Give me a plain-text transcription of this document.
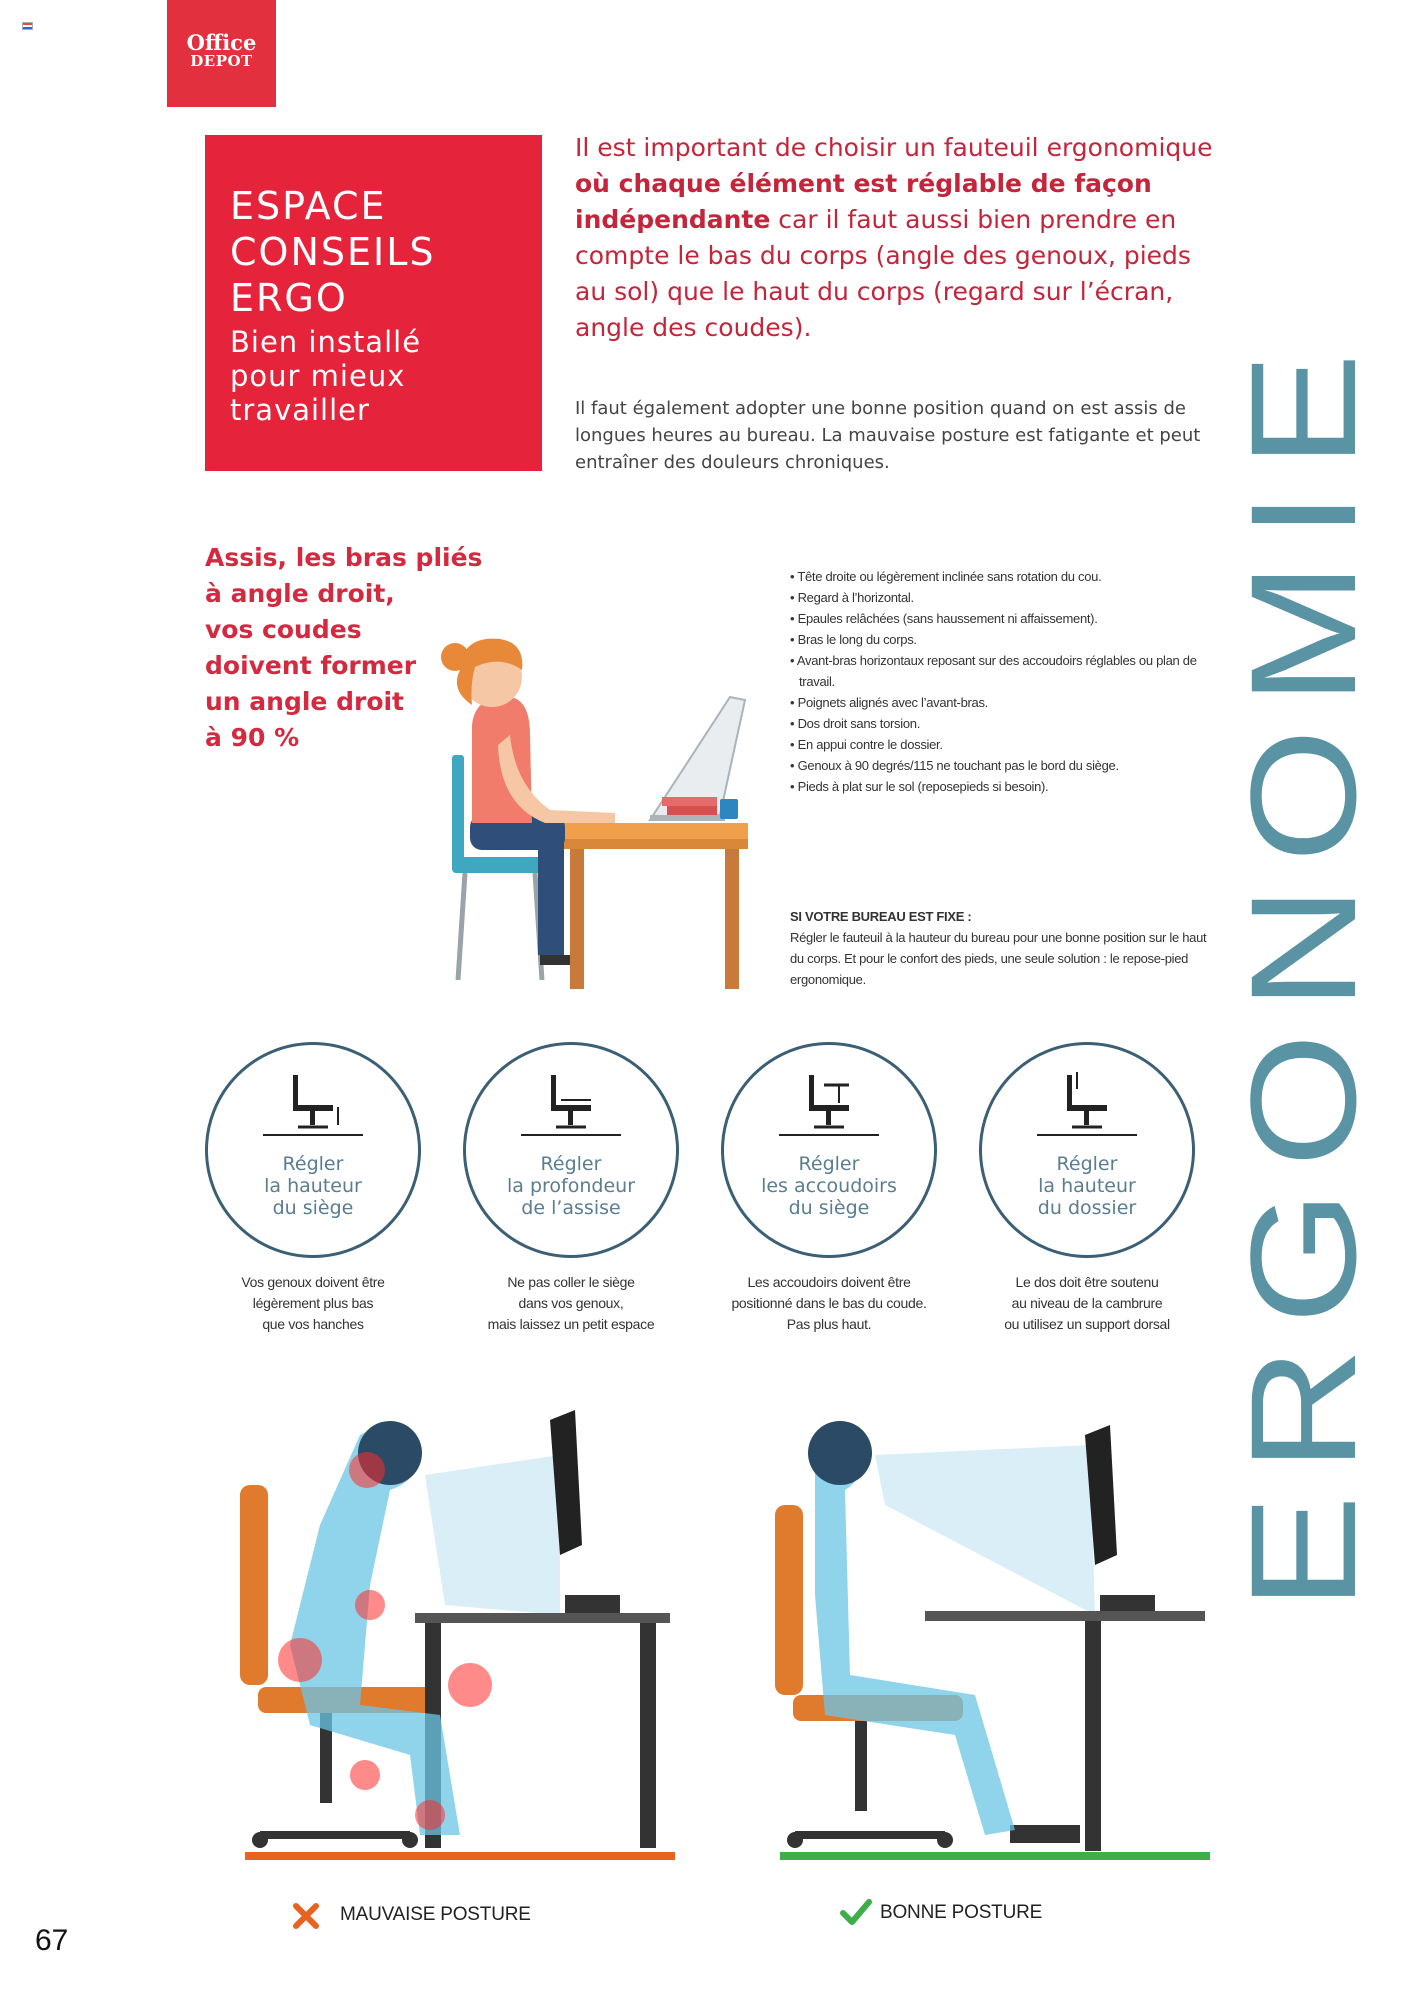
Office
DEPOT
ESPACE
CONSEILS
ERGO
Bien installé
pour mieux
travailler
Il est important de choisir un fauteuil ergonomique où chaque élément est réglable de façon indépendante car il faut aussi bien prendre en compte le bas du corps (angle des genoux, pieds au sol) que le haut du corps (regard sur l’écran, angle des coudes).
Il faut également adopter une bonne position quand on est assis de longues heures au bureau. La mauvaise posture est fatigante et peut entraîner des douleurs chroniques.
Assis, les bras pliés
à angle droit,
vos coudes
doivent former
un angle droit
à 90 %
• Tête droite ou légèrement inclinée sans rotation du cou.
• Regard à l’horizontal.
• Epaules relâchées (sans haussement ni affaissement).
• Bras le long du corps.
• Avant-bras horizontaux reposant sur des accoudoirs réglables ou plan de travail.
• Poignets alignés avec l’avant-bras.
• Dos droit sans torsion.
• En appui contre le dossier.
• Genoux à 90 degrés/115 ne touchant pas le bord du siège.
• Pieds à plat sur le sol (reposepieds si besoin).
SI VOTRE BUREAU EST FIXE :
Régler le fauteuil à la hauteur du bureau pour une bonne position sur le haut du corps. Et pour le confort des pieds, une seule solution : le repose-pied ergonomique.	ERGONOMIE
Régler
la hauteur
du siège
Régler
la profondeur
de l’assise
Régler
les accoudoirs
du siège
Régler
la hauteur
du dossier
Vos genoux doivent être
légèrement plus bas
que vos hanches
Ne pas coller le siège
dans vos genoux,
mais laissez un petit espace
Les accoudoirs doivent être
positionné dans le bas du coude.
Pas plus haut.
Le dos doit être soutenu
au niveau de la cambrure
ou utilisez un support dorsal
MAUVAISE POSTURE	BONNE POSTURE
67
